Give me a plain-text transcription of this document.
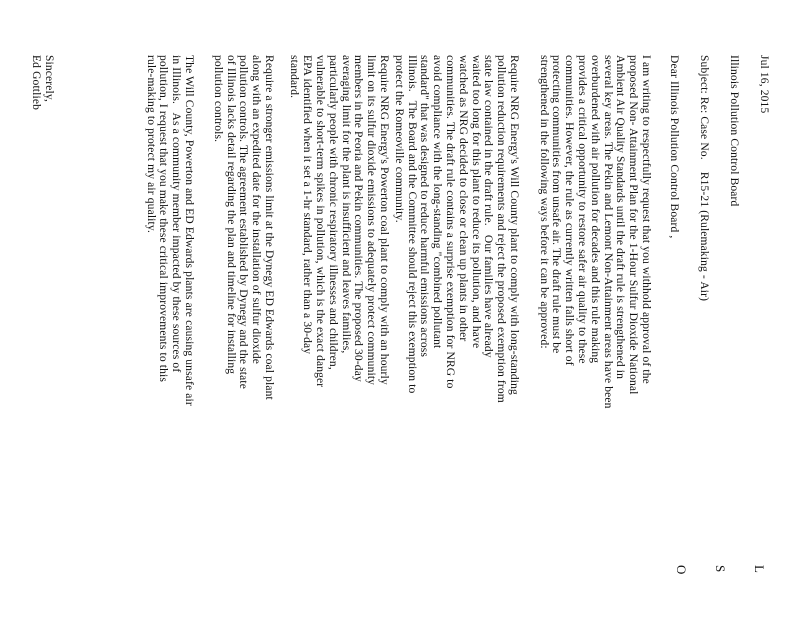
L

S

O

Jul 16, 2015
Illinois Pollution Control Board
Subject: Re: Case No.    R15-21 (Rulemaking - Air)
Dear Illinois Pollution Control Board ,
I am writing to respectfully request that you withhold approval of the
proposed Non- Attainment Plan for the 1-Hour Sulfur Dioxide National
Ambient Air Quality Standards until the draft rule is strengthened in
several key areas. The Pekin and Lemont Non-Attainment areas have been
overburdened with air pollution for decades and this rule making
provides a critical opportunity to restore safer air quality to these
communities. However, the rule as currently written falls short of
protecting communities from unsafe air. The draft rule must be
strengthened in the following ways before it can be approved:
Require NRG Energy's Will County plant to comply with long-standing
pollution reduction requirements and reject the proposed exemption from
state law contained in the draft rule.   Our families have already
waited too long for this plant to reduce its pollution, and have
watched as NRG decided to close or clean up plants in other
communities. The draft rule contains a surprise exemption for NRG to
avoid compliance with the long-standing "combined pollutant
standard" that was designed to reduce harmful emissions across
Illinois.   The Board and the Committee should reject this exemption to
protect the Romeoville community.
Require NRG Energy's Powerton coal plant to comply with an hourly
limit on its sulfur dioxide emissions to adequately protect community
members in the Peoria and Pekin communities. The proposed 30-day
averaging limit for the plant is insufficient and leaves families,
particularly people with chronic respiratory illnesses and children,
vulnerable to short-term spikes in pollution, which is the exact danger
EPA identified when it set a 1-hr standard, rather than a 30-day
standard.
Require a stronger emissions limit at the Dynegy ED Edwards coal plant
along with an expedited date for the installation of sulfur dioxide
pollution controls. The agreement established by Dynegy and the state
of Illinois lacks detail regarding the plan and timeline for installing
pollution controls.
The Will County, Powerton and ED Edwards plants are causing unsafe air
in Illinois.   As a community member impacted by these sources of
pollution, I request that you make these critical improvements to this
rule-making to protect my air quality.
Sincerely,
Ed Gottlieb
